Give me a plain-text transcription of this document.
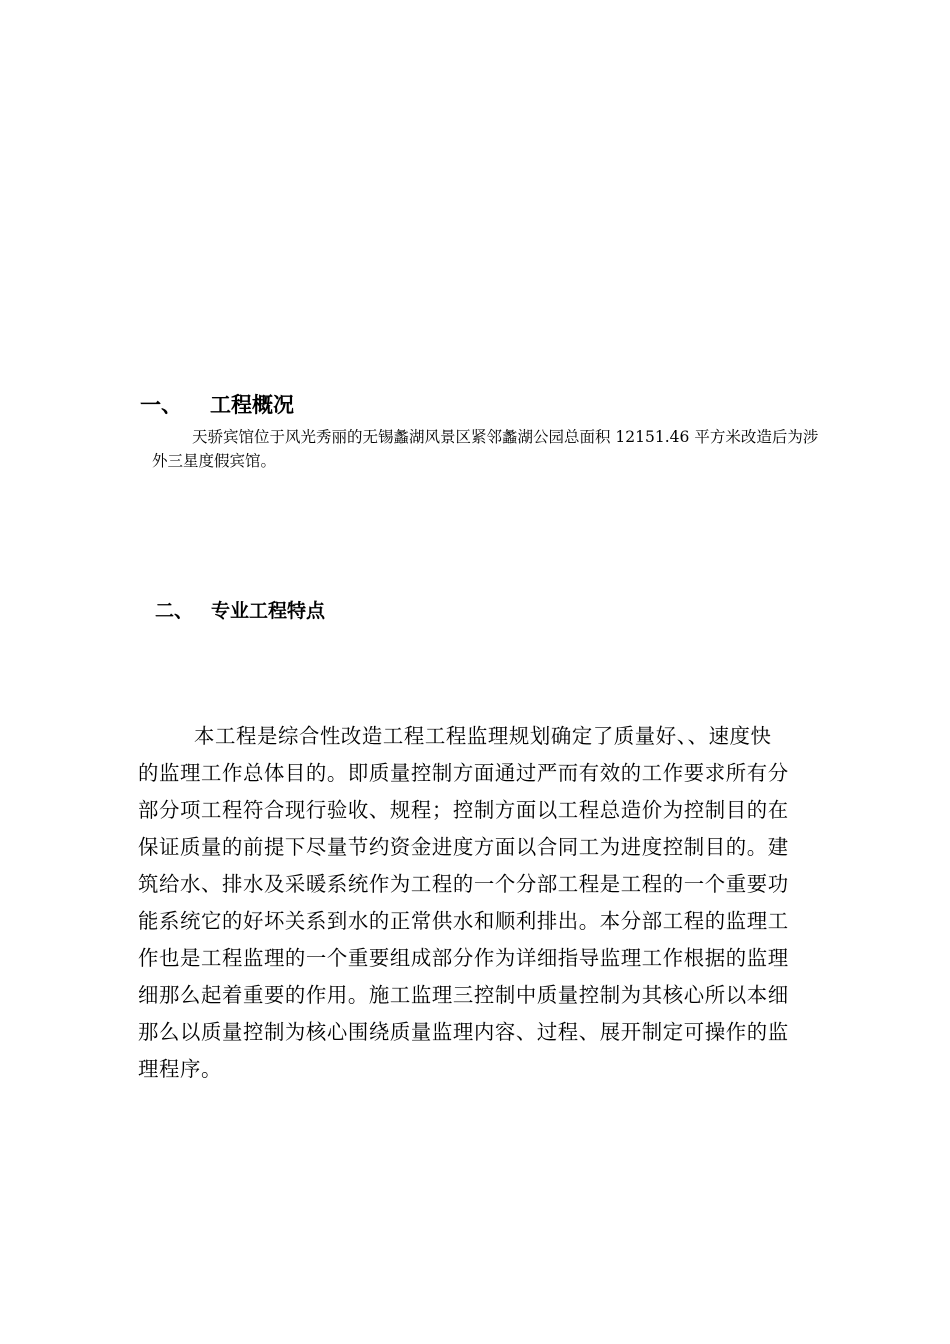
一、 工程概况
天骄宾馆位于风光秀丽的无锡蠡湖风景区紧邻蠡湖公园总面积 12151.46 平方米改造后为涉外三星度假宾馆。
二、 专业工程特点
本工程是综合性改造工程工程监理规划确定了质量好、、速度快
的监理工作总体目的。即质量控制方面通过严而有效的工作要求所有分
部分项工程符合现行验收、规程；控制方面以工程总造价为控制目的在
保证质量的前提下尽量节约资金进度方面以合同工为进度控制目的。建
筑给水、排水及采暖系统作为工程的一个分部工程是工程的一个重要功
能系统它的好坏关系到水的正常供水和顺利排出。本分部工程的监理工
作也是工程监理的一个重要组成部分作为详细指导监理工作根据的监理
细那么起着重要的作用。施工监理三控制中质量控制为其核心所以本细
那么以质量控制为核心围绕质量监理内容、过程、展开制定可操作的监
理程序。
